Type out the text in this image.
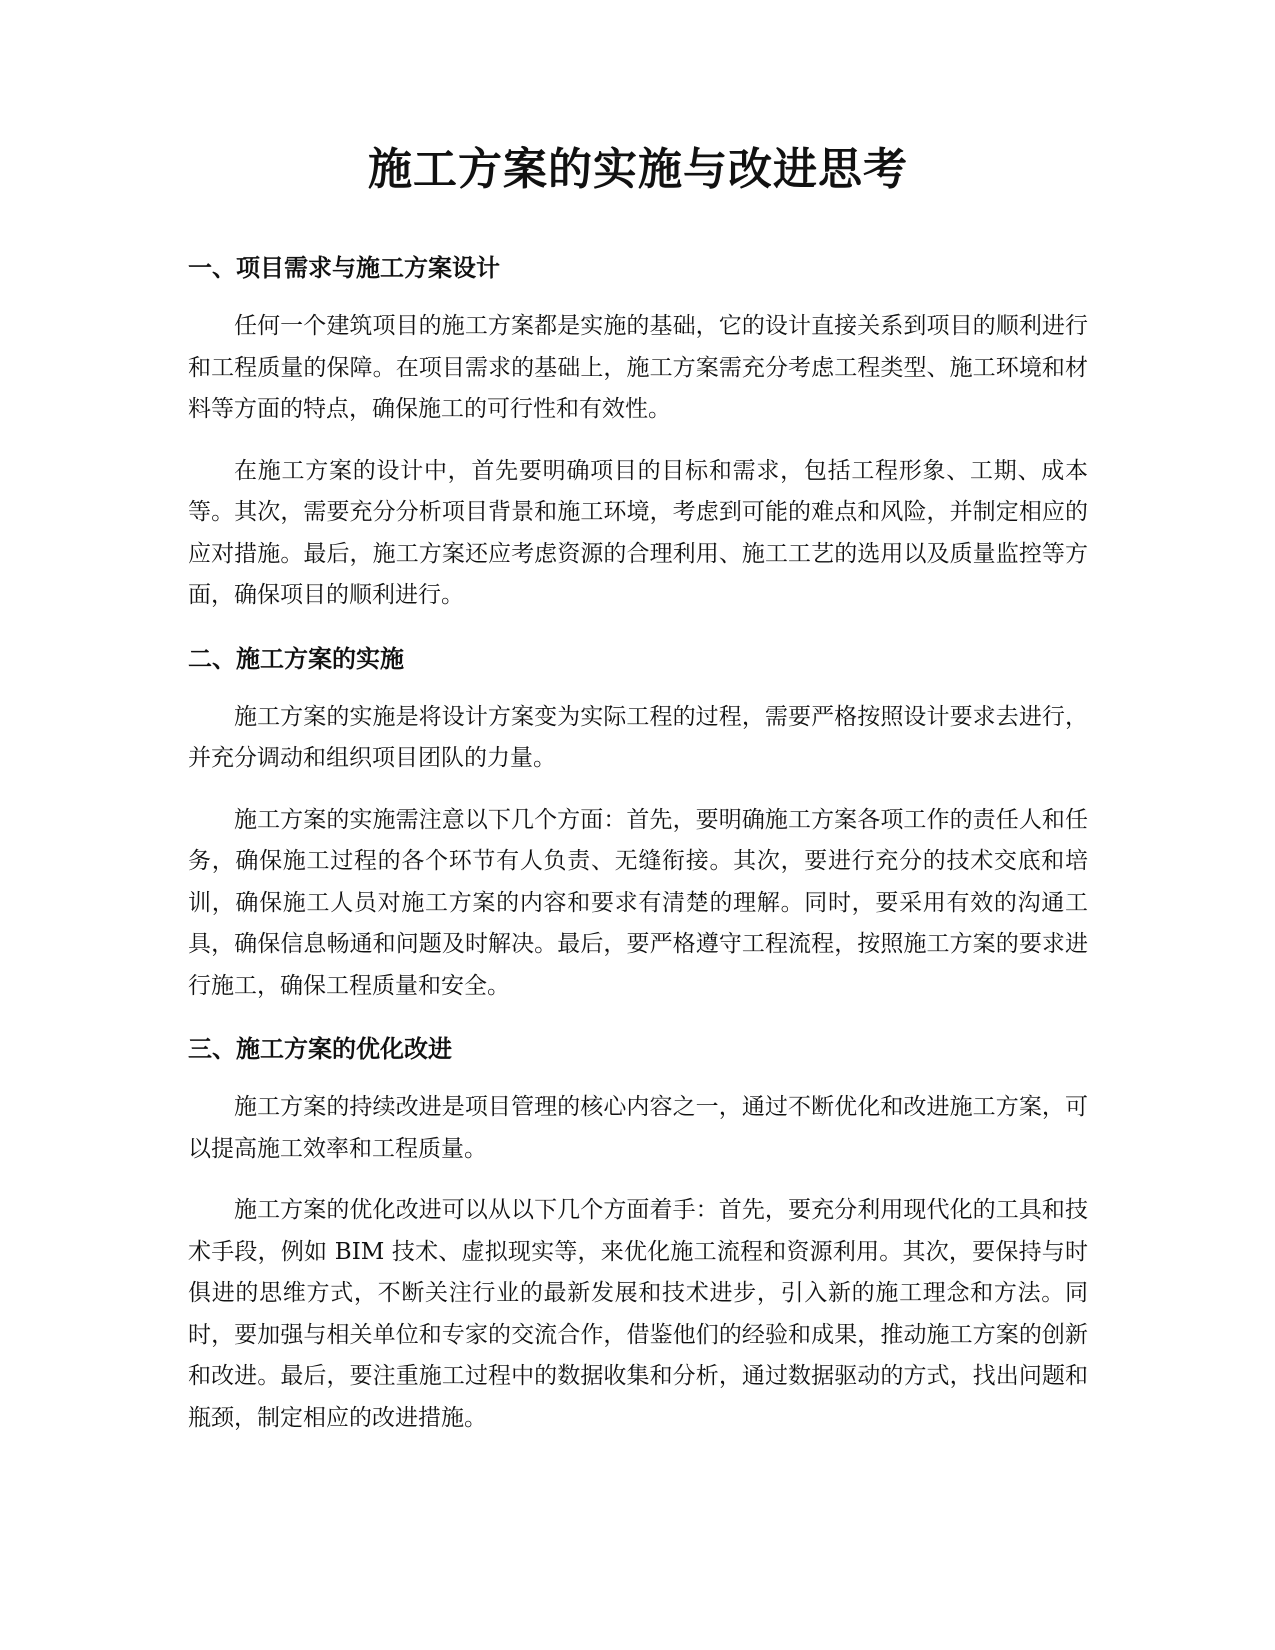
施工方案的实施与改进思考
一、项目需求与施工方案设计

任何一个建筑项目的施工方案都是实施的基础，它的设计直接关系到项目的顺利进行和工程质量的保障。在项目需求的基础上，施工方案需充分考虑工程类型、施工环境和材料等方面的特点，确保施工的可行性和有效性。

在施工方案的设计中，首先要明确项目的目标和需求，包括工程形象、工期、成本等。其次，需要充分分析项目背景和施工环境，考虑到可能的难点和风险，并制定相应的应对措施。最后，施工方案还应考虑资源的合理利用、施工工艺的选用以及质量监控等方面，确保项目的顺利进行。

二、施工方案的实施

施工方案的实施是将设计方案变为实际工程的过程，需要严格按照设计要求去进行，并充分调动和组织项目团队的力量。

施工方案的实施需注意以下几个方面：首先，要明确施工方案各项工作的责任人和任务，确保施工过程的各个环节有人负责、无缝衔接。其次，要进行充分的技术交底和培训，确保施工人员对施工方案的内容和要求有清楚的理解。同时，要采用有效的沟通工具，确保信息畅通和问题及时解决。最后，要严格遵守工程流程，按照施工方案的要求进行施工，确保工程质量和安全。

三、施工方案的优化改进

施工方案的持续改进是项目管理的核心内容之一，通过不断优化和改进施工方案，可以提高施工效率和工程质量。

施工方案的优化改进可以从以下几个方面着手：首先，要充分利用现代化的工具和技术手段，例如 BIM 技术、虚拟现实等，来优化施工流程和资源利用。其次，要保持与时俱进的思维方式，不断关注行业的最新发展和技术进步，引入新的施工理念和方法。同时，要加强与相关单位和专家的交流合作，借鉴他们的经验和成果，推动施工方案的创新和改进。最后，要注重施工过程中的数据收集和分析，通过数据驱动的方式，找出问题和瓶颈，制定相应的改进措施。
